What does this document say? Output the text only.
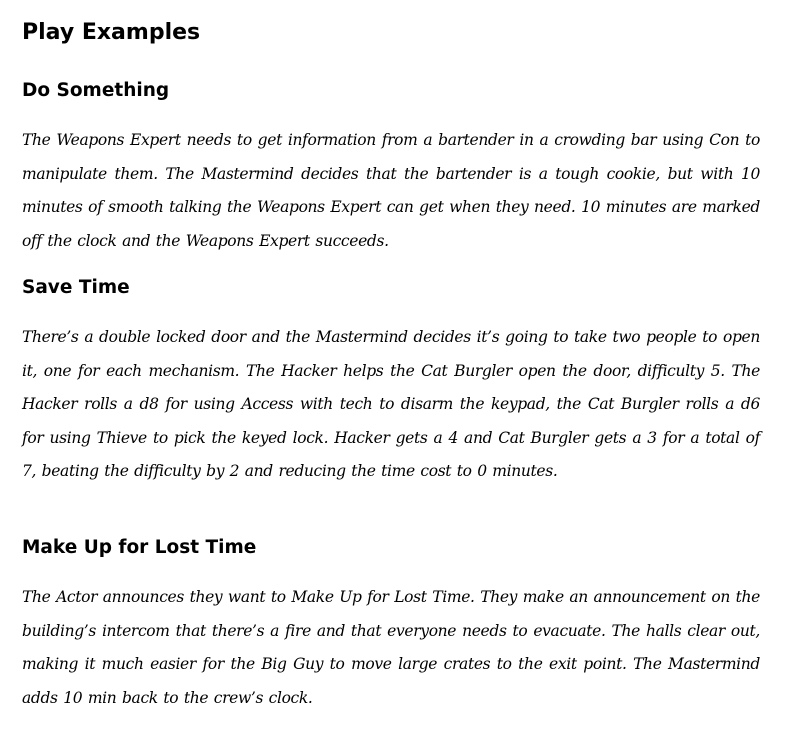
Play Examples
Do Something

The Weapons Expert needs to get information from a bartender in a crowding bar using Con to manipulate them. The Mastermind decides that the bartender is a tough cookie, but with 10 minutes of smooth talking the Weapons Expert can get when they need. 10 minutes are marked off the clock and the Weapons Expert succeeds.

Save Time

There’s a double locked door and the Mastermind decides it’s going to take two people to open it, one for each mechanism. The Hacker helps the Cat Burgler open the door, difficulty 5. The Hacker rolls a d8 for using Access with tech to disarm the keypad, the Cat Burgler rolls a d6 for using Thieve to pick the keyed lock. Hacker gets a 4 and Cat Burgler gets a 3 for a total of 7, beating the difficulty by 2 and reducing the time cost to 0 minutes.

Make Up for Lost Time

The Actor announces they want to Make Up for Lost Time. They make an announcement on the building’s intercom that there’s a fire and that everyone needs to evacuate. The halls clear out, making it much easier for the Big Guy to move large crates to the exit point. The Mastermind adds 10 min back to the crew’s clock.
